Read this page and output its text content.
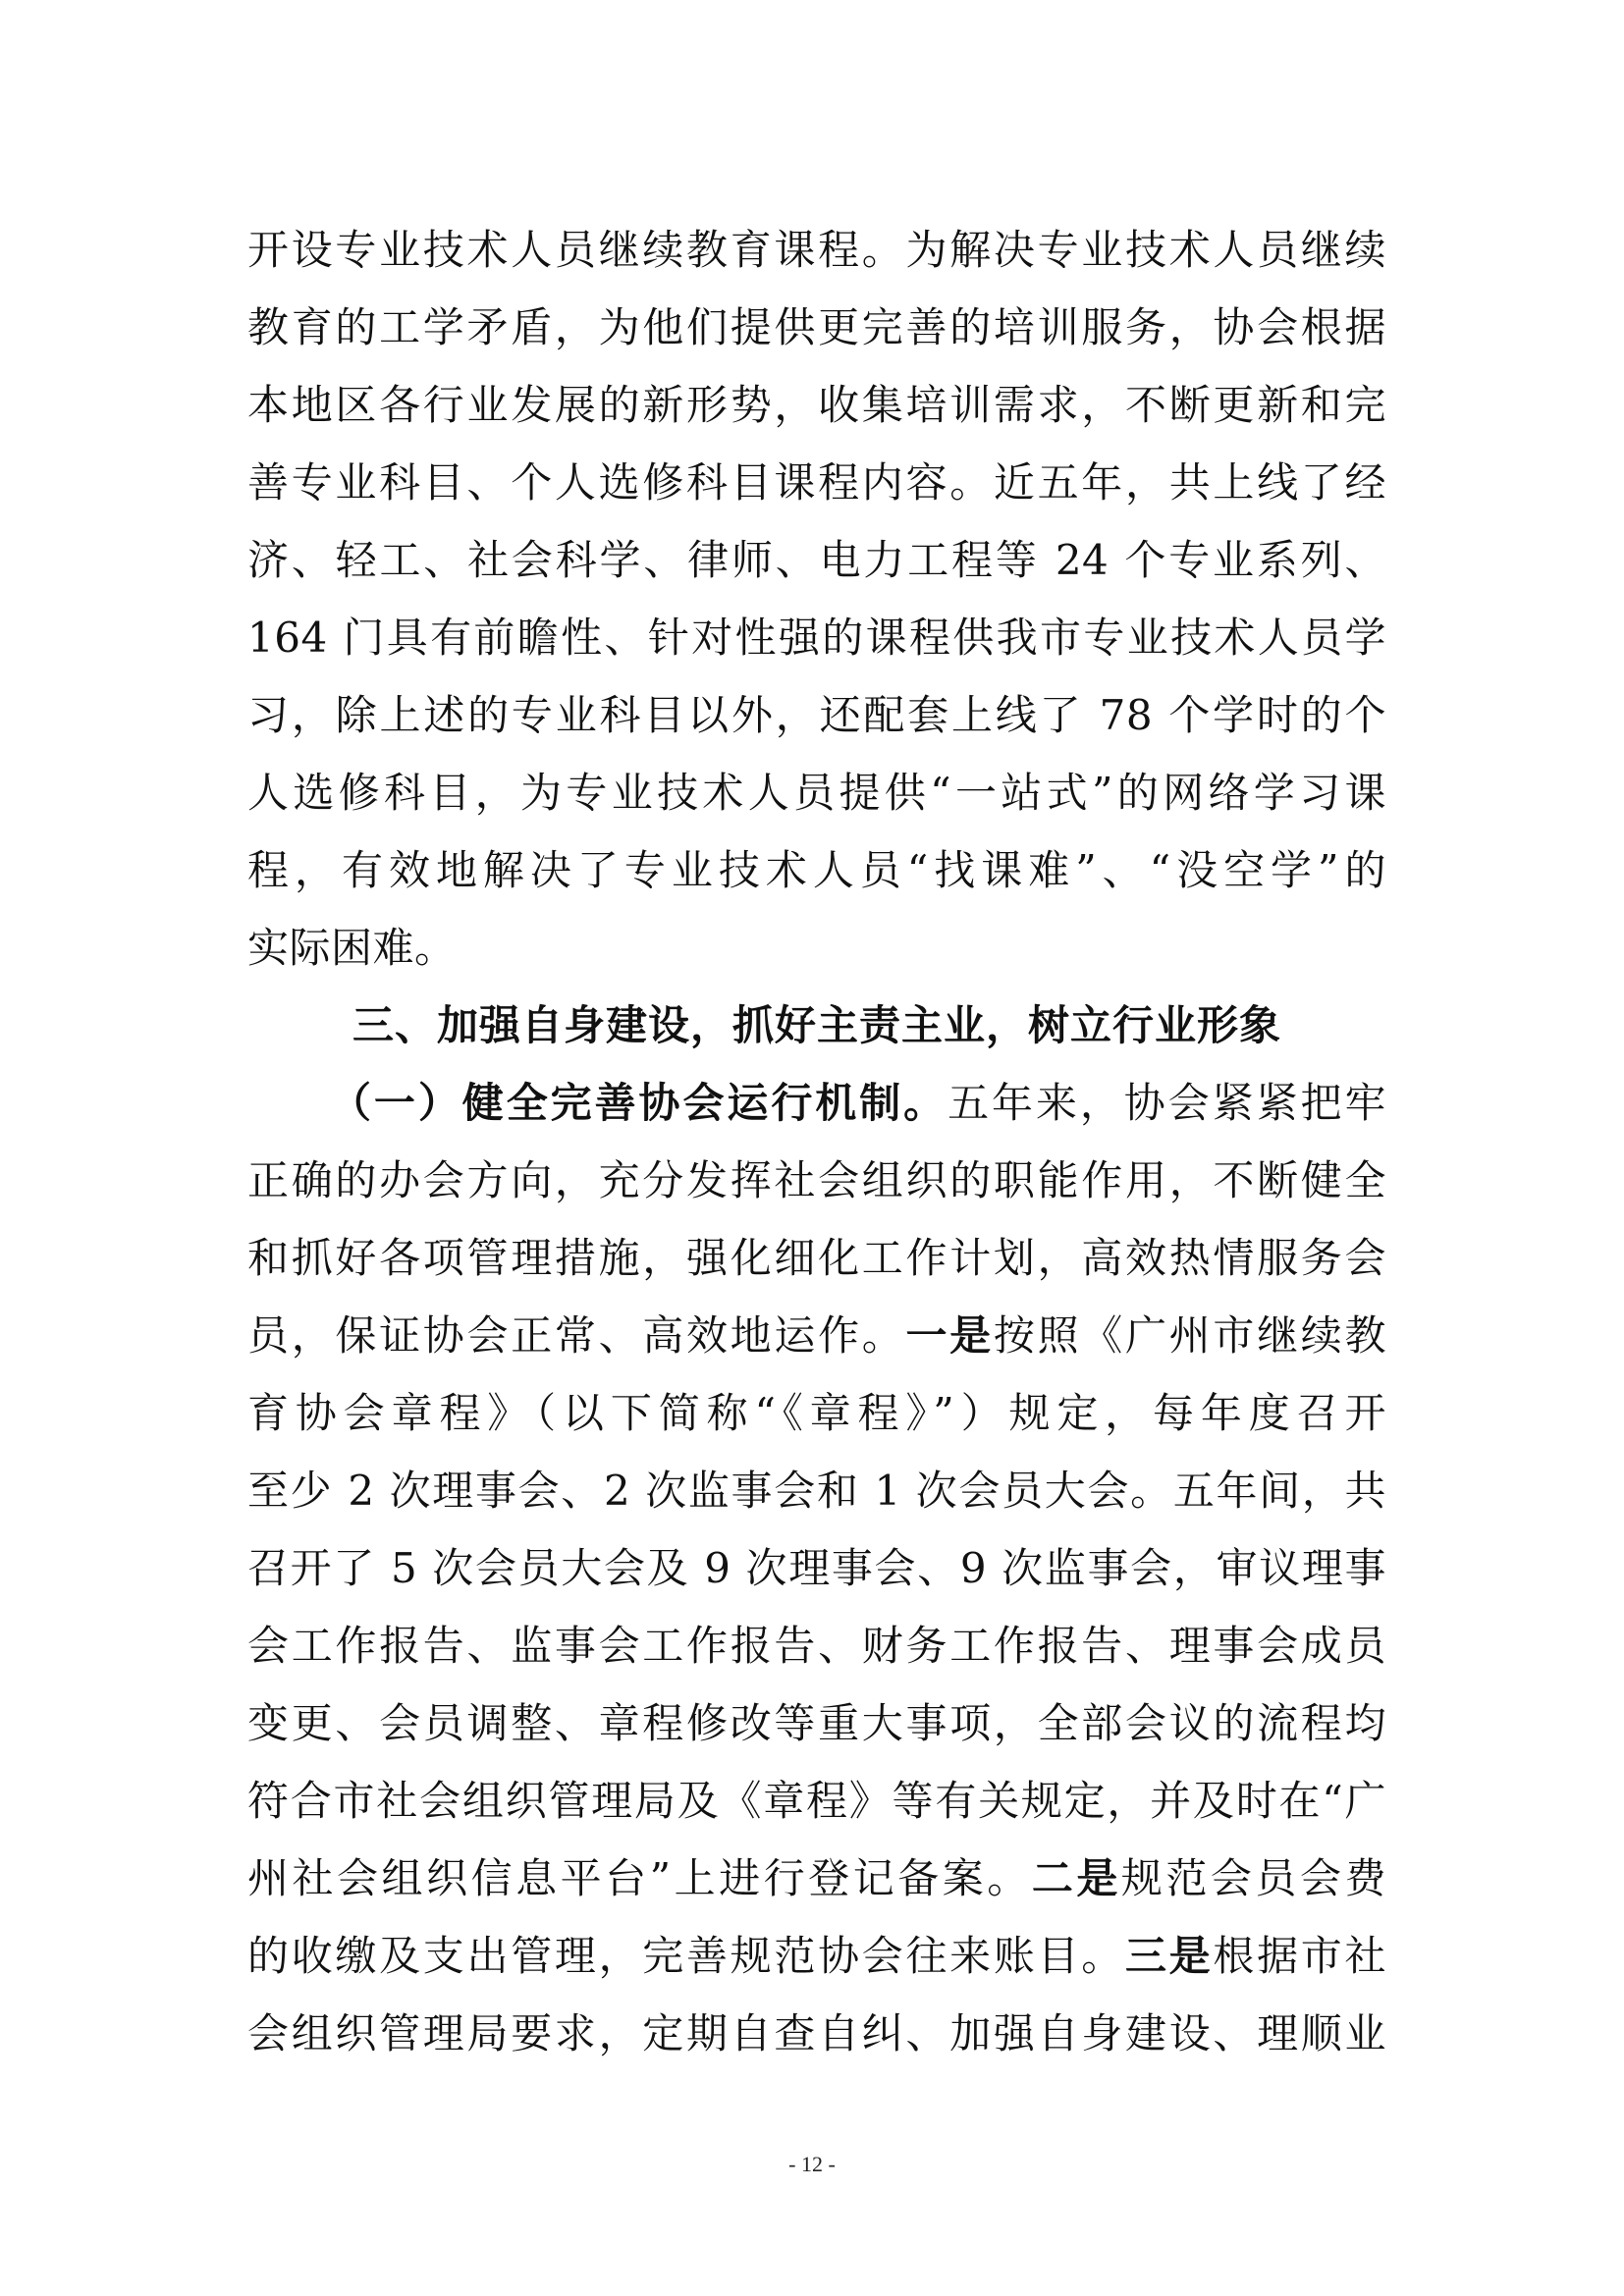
开设专业技术人员继续教育课程。为解决专业技术人员继续
教育的工学矛盾，为他们提供更完善的培训服务，协会根据
本地区各行业发展的新形势，收集培训需求，不断更新和完
善专业科目、个人选修科目课程内容。近五年，共上线了经
济、轻工、社会科学、律师、电力工程等 24 个专业系列、
164 门具有前瞻性、针对性强的课程供我市专业技术人员学
习，除上述的专业科目以外，还配套上线了 78 个学时的个
人选修科目，为专业技术人员提供“一站式”的网络学习课
程，有效地解决了专业技术人员“找课难”、“没空学”的
实际困难。
三、加强自身建设，抓好主责主业，树立行业形象
（一）健全完善协会运行机制。五年来，协会紧紧把牢
正确的办会方向，充分发挥社会组织的职能作用，不断健全
和抓好各项管理措施，强化细化工作计划，高效热情服务会
员，保证协会正常、高效地运作。一是按照《广州市继续教
育协会章程》（以下简称“《章程》”）规定，每年度召开
至少 2 次理事会、2 次监事会和 1 次会员大会。五年间，共
召开了 5 次会员大会及 9 次理事会、9 次监事会，审议理事
会工作报告、监事会工作报告、财务工作报告、理事会成员
变更、会员调整、章程修改等重大事项，全部会议的流程均
符合市社会组织管理局及《章程》等有关规定，并及时在“广
州社会组织信息平台”上进行登记备案。二是规范会员会费
的收缴及支出管理，完善规范协会往来账目。三是根据市社
会组织管理局要求，定期自查自纠、加强自身建设、理顺业
- 12 -
